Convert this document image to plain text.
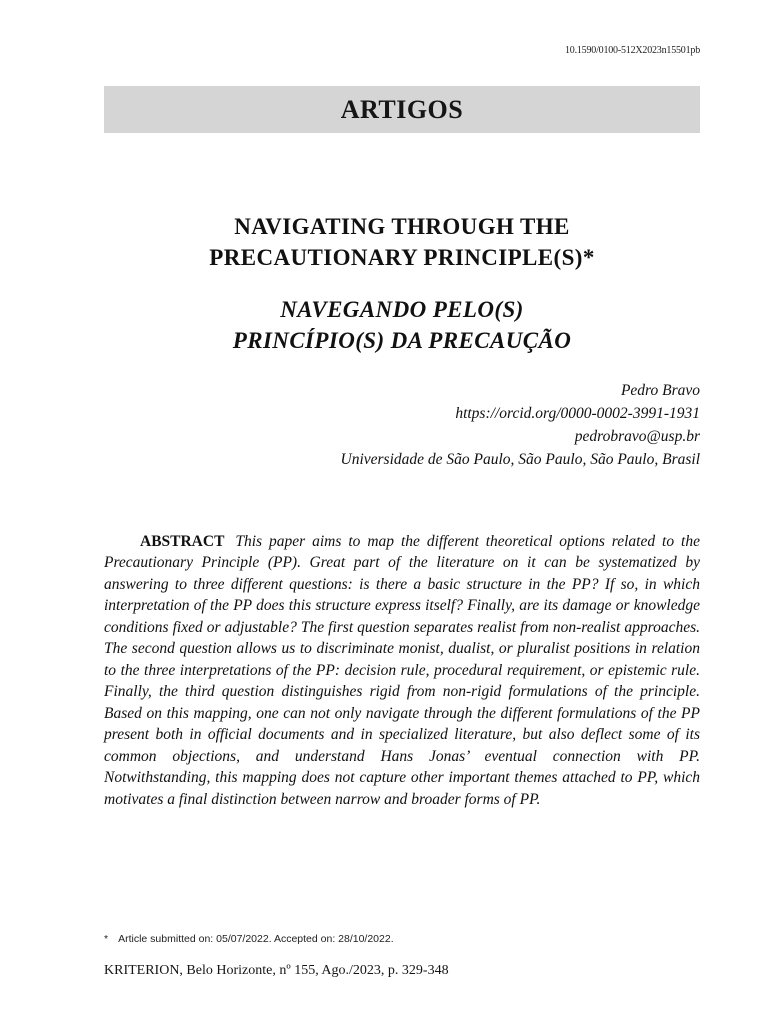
10.1590/0100-512X2023n15501pb
ARTIGOS
NAVIGATING THROUGH THE
PRECAUTIONARY PRINCIPLE(S)*
NAVEGANDO PELO(S)
PRINCÍPIO(S) DA PRECAUÇÃO
Pedro Bravo
https://orcid.org/0000-0002-3991-1931
pedrobravo@usp.br
Universidade de São Paulo, São Paulo, São Paulo, Brasil

ABSTRACT This paper aims to map the different theoretical options related to the Precautionary Principle (PP). Great part of the literature on it can be systematized by answering to three different questions: is there a basic structure in the PP? If so, in which interpretation of the PP does this structure express itself? Finally, are its damage or knowledge conditions fixed or adjustable? The first question separates realist from non-realist approaches. The second question allows us to discriminate monist, dualist, or pluralist positions in relation to the three interpretations of the PP: decision rule, procedural requirement, or epistemic rule. Finally, the third question distinguishes rigid from non-rigid formulations of the principle. Based on this mapping, one can not only navigate through the different formulations of the PP present both in official documents and in specialized literature, but also deflect some of its common objections, and understand Hans Jonas’ eventual connection with PP. Notwithstanding, this mapping does not capture other important themes attached to PP, which motivates a final distinction between narrow and broader forms of PP.

* Article submitted on: 05/07/2022. Accepted on: 28/10/2022.
KRITERION, Belo Horizonte, nº 155, Ago./2023, p. 329-348
